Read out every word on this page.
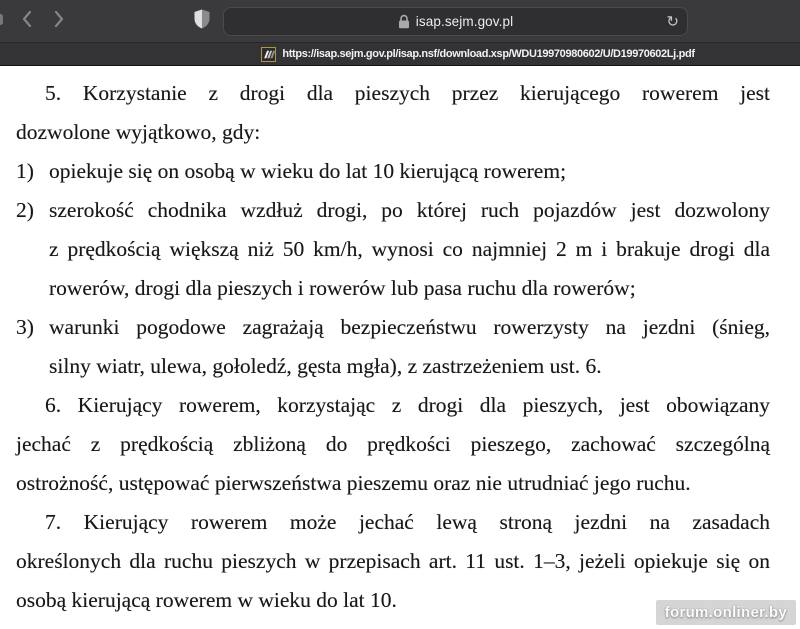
isap.sejm.gov.pl	↻
https://isap.sejm.gov.pl/isap.nsf/download.xsp/WDU19970980602/U/D19970602Lj.pdf
5. Korzystanie z drogi dla pieszych przez kierującego rowerem jest
dozwolone wyjątkowo, gdy:
1) opiekuje się on osobą w wieku do lat 10 kierującą rowerem;
2) szerokość chodnika wzdłuż drogi, po której ruch pojazdów jest dozwolony
z prędkością większą niż 50 km/h, wynosi co najmniej 2 m i brakuje drogi dla
rowerów, drogi dla pieszych i rowerów lub pasa ruchu dla rowerów;
3) warunki pogodowe zagrażają bezpieczeństwu rowerzysty na jezdni (śnieg,
silny wiatr, ulewa, gołoledź, gęsta mgła), z zastrzeżeniem ust. 6.
6. Kierujący rowerem, korzystając z drogi dla pieszych, jest obowiązany
jechać z prędkością zbliżoną do prędkości pieszego, zachować szczególną
ostrożność, ustępować pierwszeństwa pieszemu oraz nie utrudniać jego ruchu.
7. Kierujący rowerem może jechać lewą stroną jezdni na zasadach
określonych dla ruchu pieszych w przepisach art. 11 ust. 1–3, jeżeli opiekuje się on
osobą kierującą rowerem w wieku do lat 10.
forum.onliner.by
